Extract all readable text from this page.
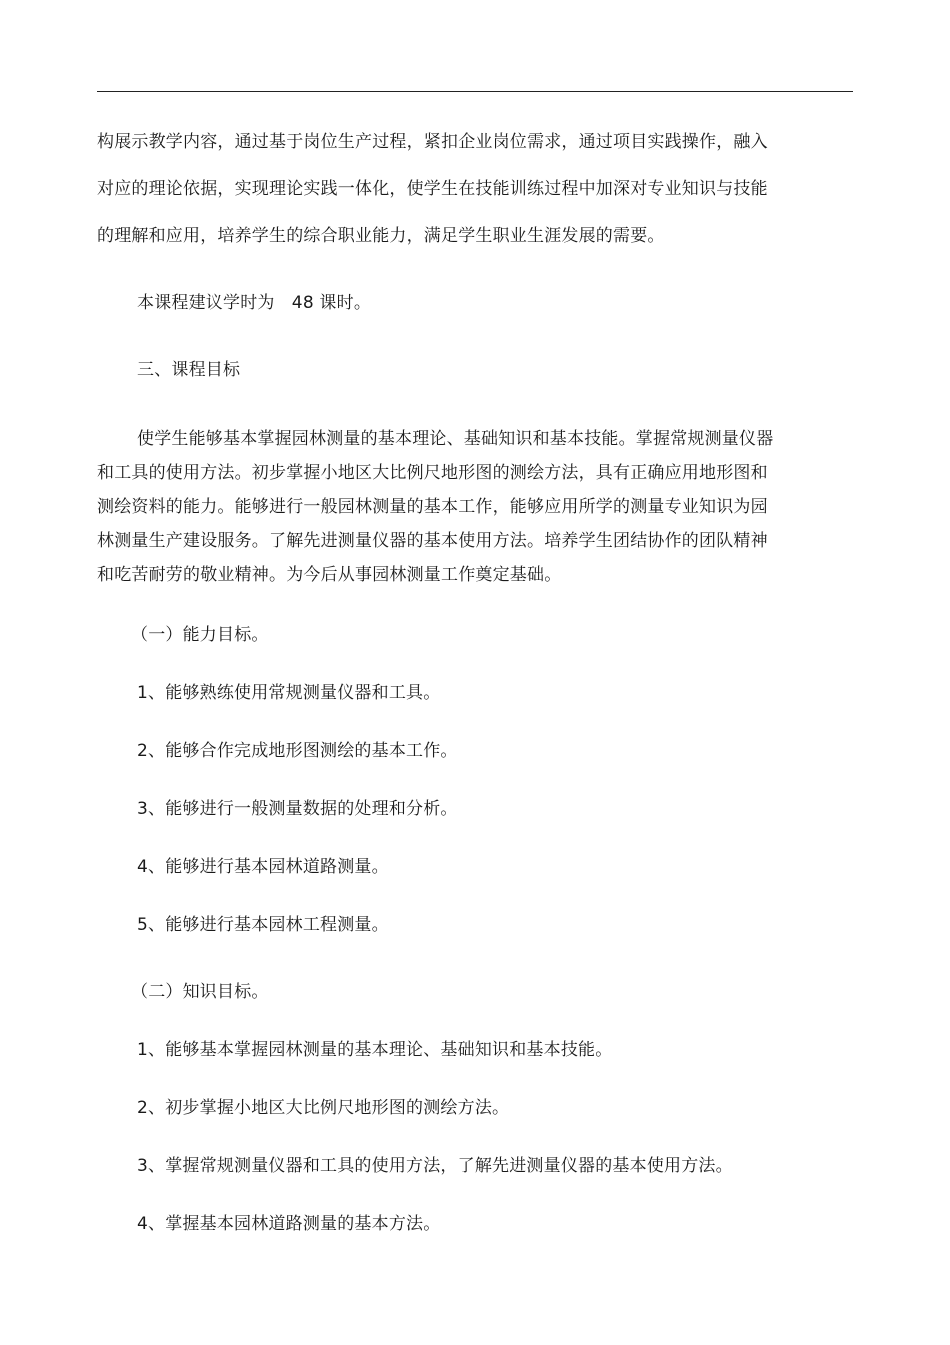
构展示教学内容，通过基于岗位生产过程，紧扣企业岗位需求，通过项目实践操作，融入
对应的理论依据，实现理论实践一体化，使学生在技能训练过程中加深对专业知识与技能
的理解和应用，培养学生的综合职业能力，满足学生职业生涯发展的需要。
本课程建议学时为　48 课时。
三、课程目标
使学生能够基本掌握园林测量的基本理论、基础知识和基本技能。掌握常规测量仪器
和工具的使用方法。初步掌握小地区大比例尺地形图的测绘方法，具有正确应用地形图和
测绘资料的能力。能够进行一般园林测量的基本工作，能够应用所学的测量专业知识为园
林测量生产建设服务。了解先进测量仪器的基本使用方法。培养学生团结协作的团队精神
和吃苦耐劳的敬业精神。为今后从事园林测量工作奠定基础。
（一）能力目标。
1、能够熟练使用常规测量仪器和工具。
2、能够合作完成地形图测绘的基本工作。
3、能够进行一般测量数据的处理和分析。
4、能够进行基本园林道路测量。
5、能够进行基本园林工程测量。
（二）知识目标。
1、能够基本掌握园林测量的基本理论、基础知识和基本技能。
2、初步掌握小地区大比例尺地形图的测绘方法。
3、掌握常规测量仪器和工具的使用方法，了解先进测量仪器的基本使用方法。
4、掌握基本园林道路测量的基本方法。
